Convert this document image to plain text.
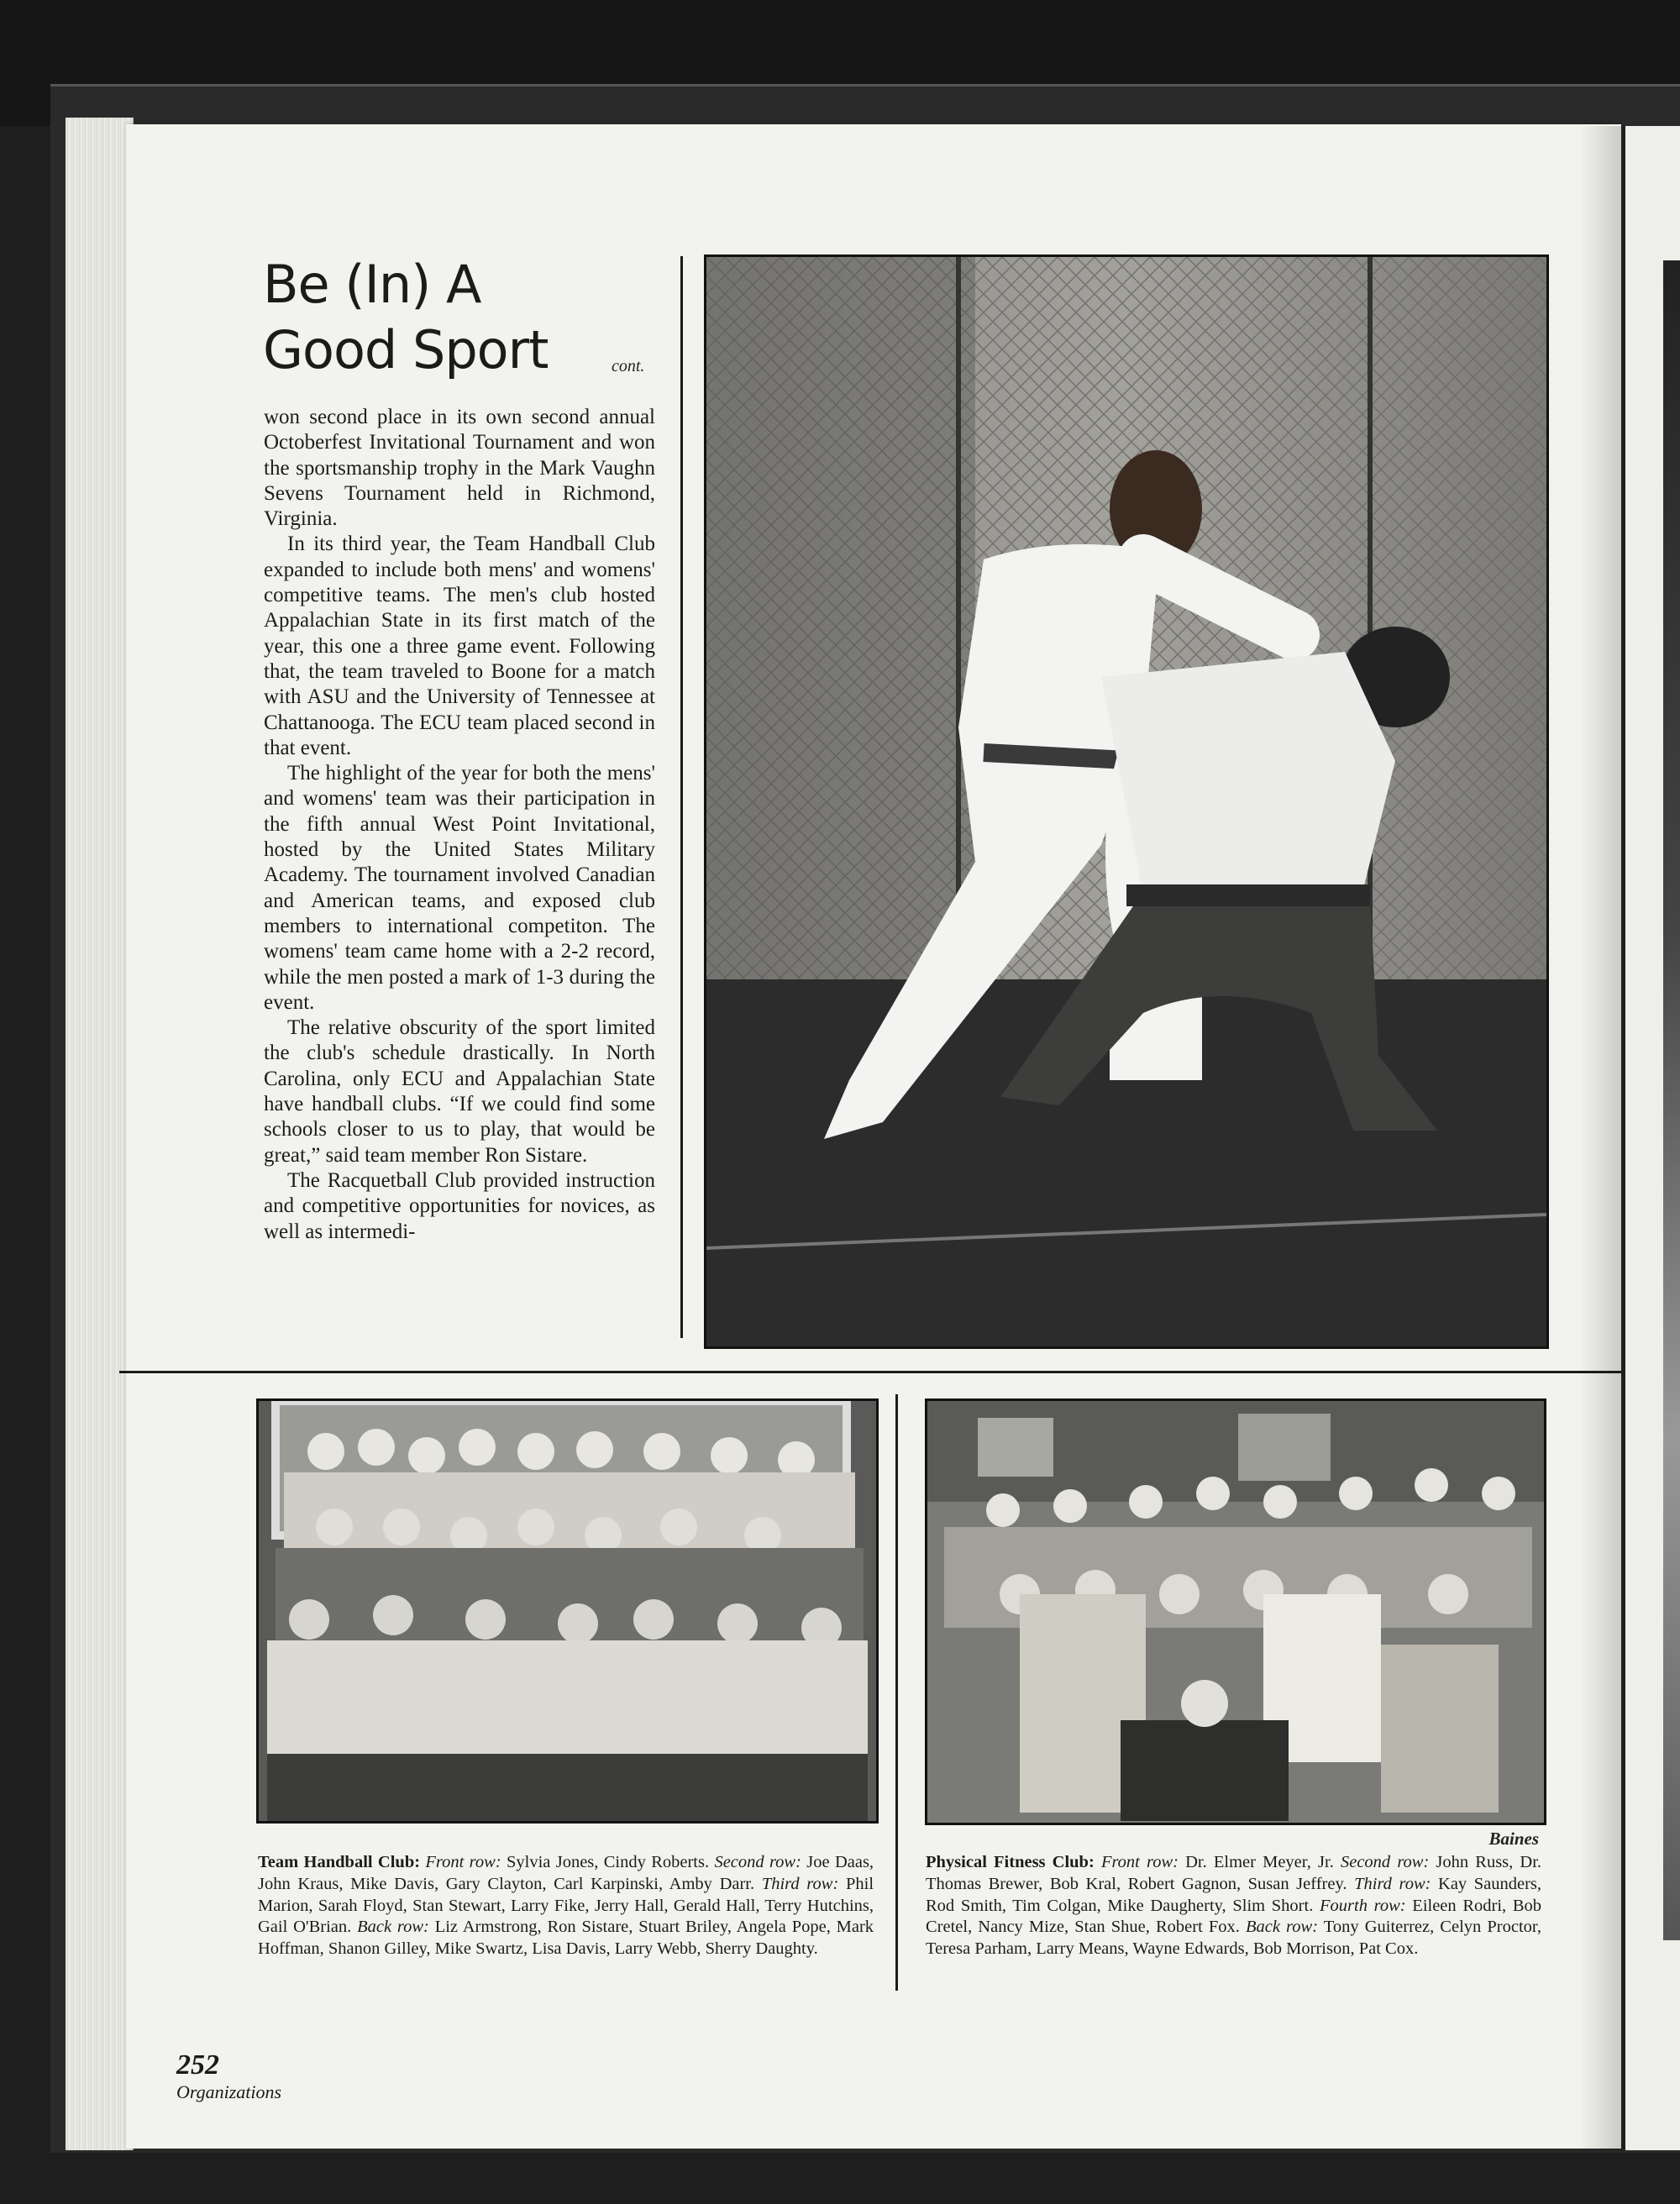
Be (In) A
Good Sport	cont.

won second place in its own second annual Octoberfest Invitational Tournament and won the sportsmanship trophy in the Mark Vaughn Sevens Tournament held in Richmond, Virginia.

In its third year, the Team Handball Club expanded to include both mens' and womens' competitive teams. The men's club hosted Appalachian State in its first match of the year, this one a three game event. Following that, the team traveled to Boone for a match with ASU and the University of Tennessee at Chattanooga. The ECU team placed second in that event.

The highlight of the year for both the mens' and womens' team was their participation in the fifth annual West Point Invitational, hosted by the United States Military Academy. The tournament involved Canadian and American teams, and exposed club members to international competiton. The womens' team came home with a 2-2 record, while the men posted a mark of 1-3 during the event.

The relative obscurity of the sport limited the club's schedule drastically. In North Carolina, only ECU and Appalachian State have handball clubs. “If we could find some schools closer to us to play, that would be great,” said team member Ron Sistare.

The Racquetball Club provided instruction and competitive opportunities for novices, as well as intermedi-

Baines
Team Handball Club: Front row: Sylvia Jones, Cindy Roberts. Second row: Joe Daas, John Kraus, Mike Davis, Gary Clayton, Carl Karpinski, Amby Darr. Third row: Phil Marion, Sarah Floyd, Stan Stewart, Larry Fike, Jerry Hall, Gerald Hall, Terry Hutchins, Gail O'Brian. Back row: Liz Armstrong, Ron Sistare, Stuart Briley, Angela Pope, Mark Hoffman, Shanon Gilley, Mike Swartz, Lisa Davis, Larry Webb, Sherry Daughty.
Physical Fitness Club: Front row: Dr. Elmer Meyer, Jr. Second row: John Russ, Dr. Thomas Brewer, Bob Kral, Robert Gagnon, Susan Jeffrey. Third row: Kay Saunders, Rod Smith, Tim Colgan, Mike Daugherty, Slim Short. Fourth row: Eileen Rodri, Bob Cretel, Nancy Mize, Stan Shue, Robert Fox. Back row: Tony Guiterrez, Celyn Proctor, Teresa Parham, Larry Means, Wayne Edwards, Bob Morrison, Pat Cox.
252
Organizations
